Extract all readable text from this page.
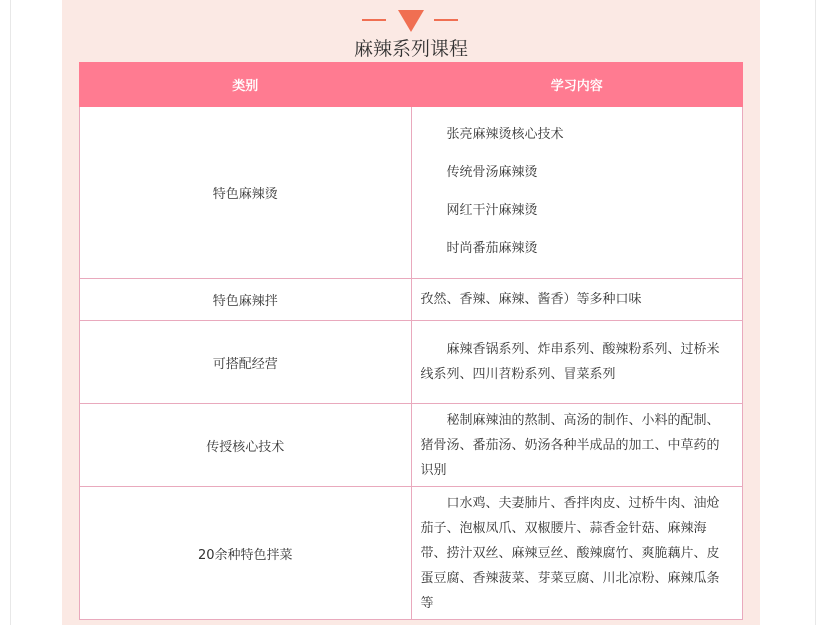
麻辣系列课程
类别	学习内容
特色麻辣烫	张亮麻辣烫核心技术
传统骨汤麻辣烫
网红干汁麻辣烫
时尚番茄麻辣烫

特色麻辣拌	孜然、香辣、麻辣、酱香）等多种口味

可搭配经营	麻辣香锅系列、炸串系列、酸辣粉系列、过桥米线系列、四川苕粉系列、冒菜系列

传授核心技术	秘制麻辣油的熬制、高汤的制作、小料的配制、猪骨汤、番茄汤、奶汤各种半成品的加工、中草药的识别

20余种特色拌菜	口水鸡、夫妻肺片、香拌肉皮、过桥牛肉、油炝茄子、泡椒凤爪、双椒腰片、蒜香金针菇、麻辣海带、捞汁双丝、麻辣豆丝、酸辣腐竹、爽脆藕片、皮蛋豆腐、香辣菠菜、芽菜豆腐、川北凉粉、麻辣瓜条等
